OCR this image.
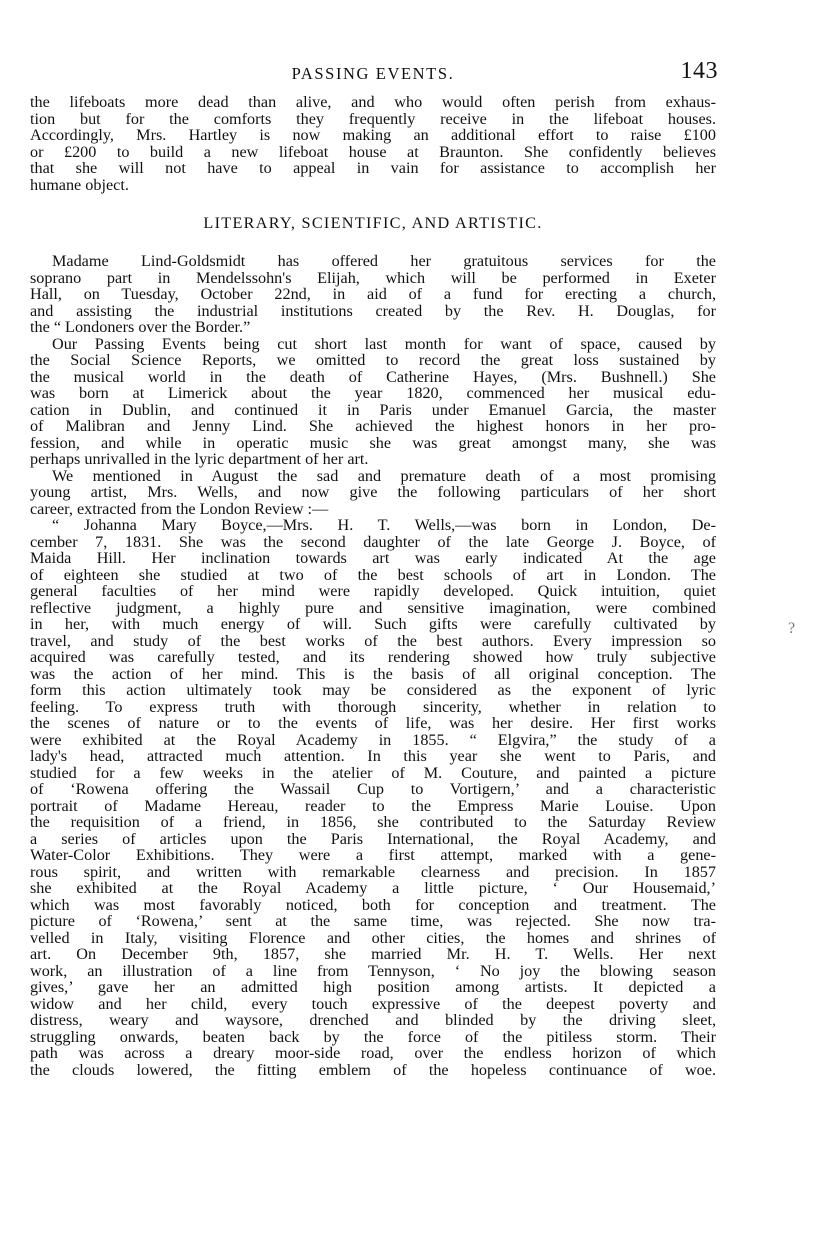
PASSING EVENTS.	143
the lifeboats more dead than alive, and who would often perish from exhaus-
tion but for the comforts they frequently receive in the lifeboat houses.
Accordingly, Mrs. Hartley is now making an additional effort to raise £100
or £200 to build a new lifeboat house at Braunton. She confidently believes
that she will not have to appeal in vain for assistance to accomplish her
humane object.
LITERARY, SCIENTIFIC, AND ARTISTIC.
Madame Lind-Goldsmidt has offered her gratuitous services for the
soprano part in Mendelssohn's Elijah, which will be performed in Exeter
Hall, on Tuesday, October 22nd, in aid of a fund for erecting a church,
and assisting the industrial institutions created by the Rev. H. Douglas, for
the “ Londoners over the Border.”
Our Passing Events being cut short last month for want of space, caused by
the Social Science Reports, we omitted to record the great loss sustained by
the musical world in the death of Catherine Hayes, (Mrs. Bushnell.) She
was born at Limerick about the year 1820, commenced her musical edu-
cation in Dublin, and continued it in Paris under Emanuel Garcia, the master
of Malibran and Jenny Lind. She achieved the highest honors in her pro-
fession, and while in operatic music she was great amongst many, she was
perhaps unrivalled in the lyric department of her art.
We mentioned in August the sad and premature death of a most promising
young artist, Mrs. Wells, and now give the following particulars of her short
career, extracted from the London Review :—
“ Johanna Mary Boyce,—Mrs. H. T. Wells,—was born in London, De-
cember 7, 1831. She was the second daughter of the late George J. Boyce, of
Maida Hill. Her inclination towards art was early indicated At the age
of eighteen she studied at two of the best schools of art in London. The
general faculties of her mind were rapidly developed. Quick intuition, quiet
reflective judgment, a highly pure and sensitive imagination, were combined
in her, with much energy of will. Such gifts were carefully cultivated by
travel, and study of the best works of the best authors. Every impression so
acquired was carefully tested, and its rendering showed how truly subjective
was the action of her mind. This is the basis of all original conception. The
form this action ultimately took may be considered as the exponent of lyric
feeling. To express truth with thorough sincerity, whether in relation to
the scenes of nature or to the events of life, was her desire. Her first works
were exhibited at the Royal Academy in 1855. “ Elgvira,” the study of a
lady's head, attracted much attention. In this year she went to Paris, and
studied for a few weeks in the atelier of M. Couture, and painted a picture
of ‘Rowena offering the Wassail Cup to Vortigern,’ and a characteristic
portrait of Madame Hereau, reader to the Empress Marie Louise. Upon
the requisition of a friend, in 1856, she contributed to the Saturday Review
a series of articles upon the Paris International, the Royal Academy, and
Water-Color Exhibitions. They were a first attempt, marked with a gene-
rous spirit, and written with remarkable clearness and precision. In 1857
she exhibited at the Royal Academy a little picture, ‘ Our Housemaid,’
which was most favorably noticed, both for conception and treatment. The
picture of ‘Rowena,’ sent at the same time, was rejected. She now tra-
velled in Italy, visiting Florence and other cities, the homes and shrines of
art. On December 9th, 1857, she married Mr. H. T. Wells. Her next
work, an illustration of a line from Tennyson, ‘ No joy the blowing season
gives,’ gave her an admitted high position among artists. It depicted a
widow and her child, every touch expressive of the deepest poverty and
distress, weary and waysore, drenched and blinded by the driving sleet,
struggling onwards, beaten back by the force of the pitiless storm. Their
path was across a dreary moor-side road, over the endless horizon of which
the clouds lowered, the fitting emblem of the hopeless continuance of woe.
?
